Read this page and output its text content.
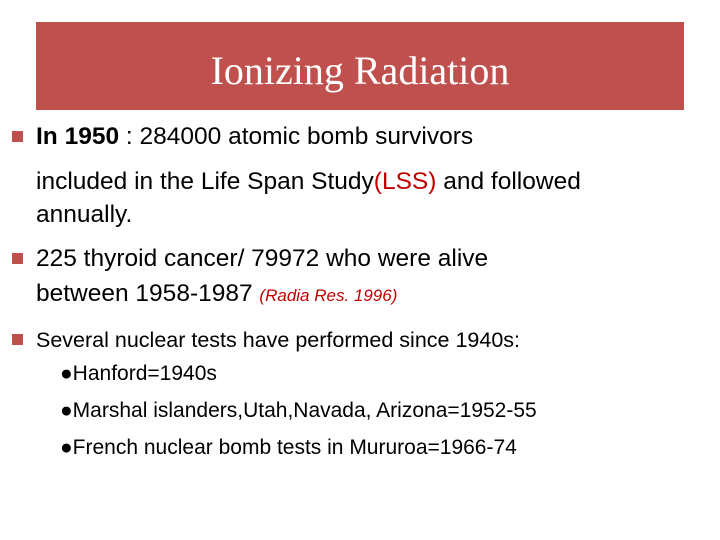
Ionizing Radiation
In 1950 : 284000 atomic bomb survivors
included in the Life Span Study(LSS) and followed
annually.
225 thyroid cancer/ 79972 who were alive
between 1958-1987 (Radia Res. 1996)
Several nuclear tests have performed since 1940s:
●Hanford=1940s
●Marshal islanders,Utah,Navada, Arizona=1952-55
●French nuclear bomb tests in Mururoa=1966-74
